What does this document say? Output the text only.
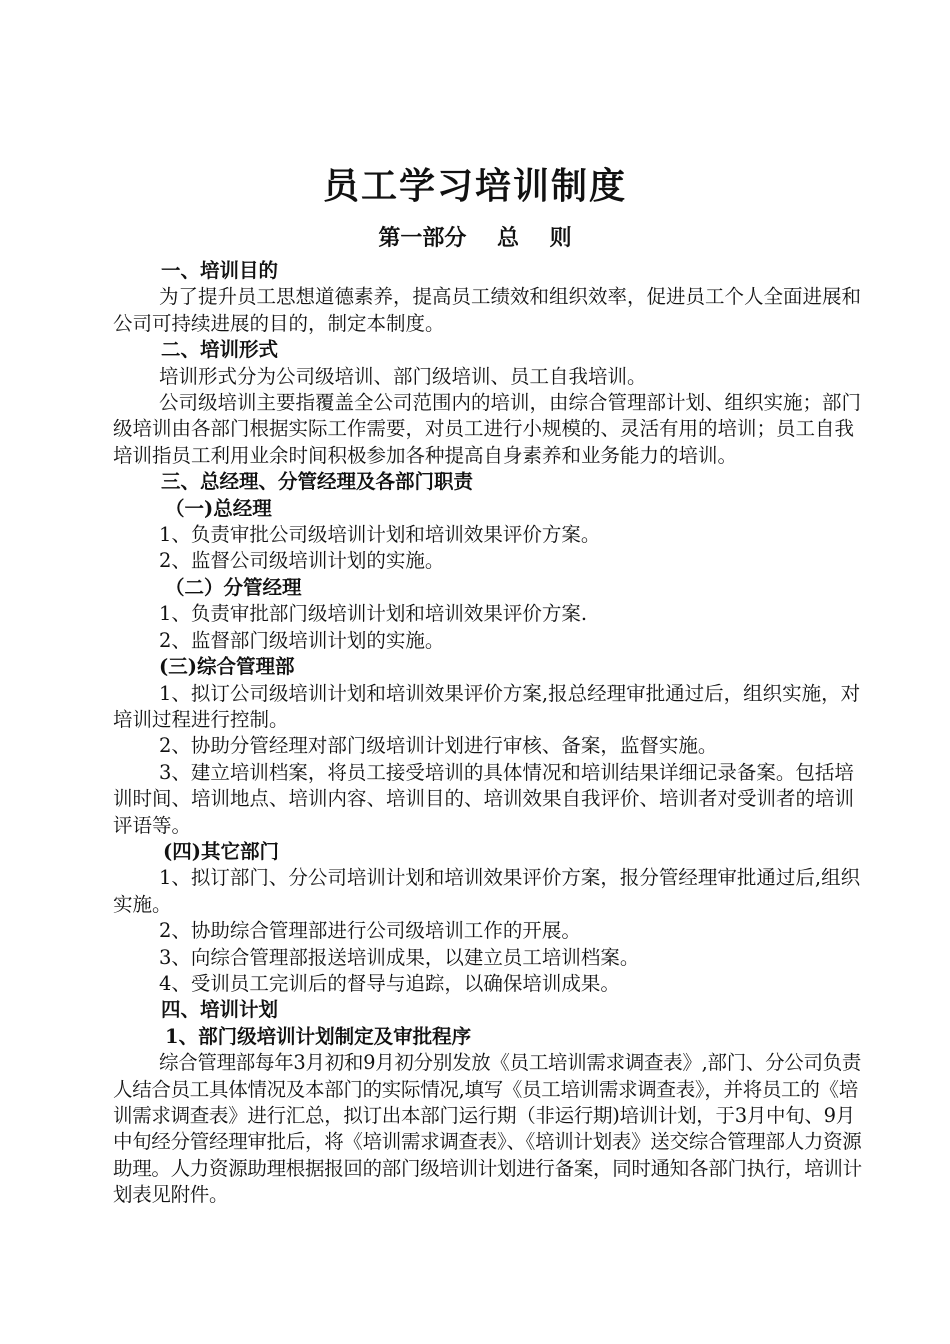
员工学习培训制度
第一部分    总    则

一、培训目的

为了提升员工思想道德素养，提高员工绩效和组织效率，促进员工个人全面进展和公司可持续进展的目的，制定本制度。

二、培训形式

培训形式分为公司级培训、部门级培训、员工自我培训。

公司级培训主要指覆盖全公司范围内的培训，由综合管理部计划、组织实施；部门级培训由各部门根据实际工作需要，对员工进行小规模的、灵活有用的培训；员工自我培训指员工利用业余时间积极参加各种提高自身素养和业务能力的培训。

三、总经理、分管经理及各部门职责

（一)总经理

1、负责审批公司级培训计划和培训效果评价方案。

2、监督公司级培训计划的实施。

（二）分管经理

1、负责审批部门级培训计划和培训效果评价方案.

2、监督部门级培训计划的实施。

(三)综合管理部

1、拟订公司级培训计划和培训效果评价方案,报总经理审批通过后，组织实施，对培训过程进行控制。

2、协助分管经理对部门级培训计划进行审核、备案，监督实施。

3、建立培训档案，将员工接受培训的具体情况和培训结果详细记录备案。包括培训时间、培训地点、培训内容、培训目的、培训效果自我评价、培训者对受训者的培训评语等。

(四)其它部门

1、拟订部门、分公司培训计划和培训效果评价方案，报分管经理审批通过后,组织实施。

2、协助综合管理部进行公司级培训工作的开展。

3、向综合管理部报送培训成果，以建立员工培训档案。

4、受训员工完训后的督导与追踪，以确保培训成果。

四、培训计划

1、部门级培训计划制定及审批程序

综合管理部每年3月初和9月初分别发放《员工培训需求调查表》,部门、分公司负责人结合员工具体情况及本部门的实际情况,填写《员工培训需求调查表》，并将员工的《培训需求调查表》进行汇总，拟订出本部门运行期（非运行期)培训计划，于3月中旬、9月中旬经分管经理审批后，将《培训需求调查表》、《培训计划表》送交综合管理部人力资源助理。人力资源助理根据报回的部门级培训计划进行备案，同时通知各部门执行，培训计划表见附件。
